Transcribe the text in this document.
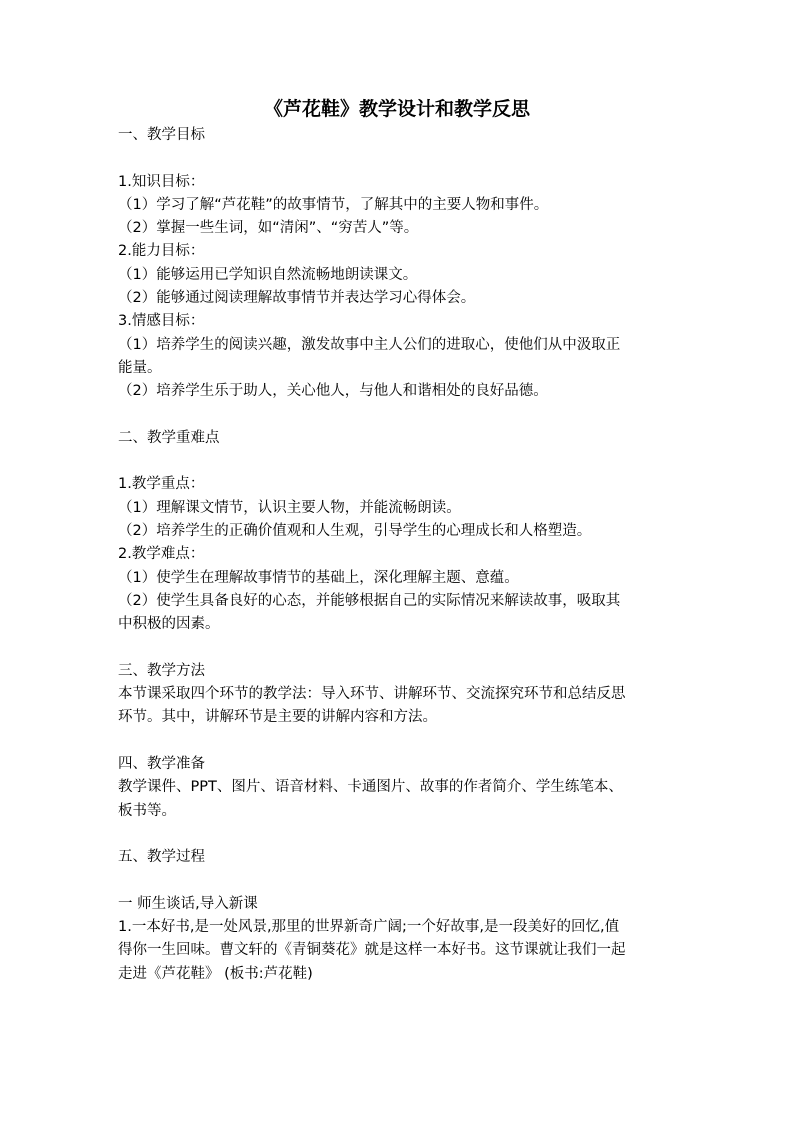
《芦花鞋》教学设计和教学反思
一、教学目标
1.知识目标：
（1）学习了解“芦花鞋”的故事情节，了解其中的主要人物和事件。
（2）掌握一些生词，如“清闲”、“穷苦人”等。
2.能力目标：
（1）能够运用已学知识自然流畅地朗读课文。
（2）能够通过阅读理解故事情节并表达学习心得体会。
3.情感目标：
（1）培养学生的阅读兴趣，激发故事中主人公们的进取心，使他们从中汲取正
能量。
（2）培养学生乐于助人，关心他人，与他人和谐相处的良好品德。
二、教学重难点
1.教学重点：
（1）理解课文情节，认识主要人物，并能流畅朗读。
（2）培养学生的正确价值观和人生观，引导学生的心理成长和人格塑造。
2.教学难点：
（1）使学生在理解故事情节的基础上，深化理解主题、意蕴。
（2）使学生具备良好的心态，并能够根据自己的实际情况来解读故事，吸取其
中积极的因素。
三、教学方法
本节课采取四个环节的教学法：导入环节、讲解环节、交流探究环节和总结反思
环节。其中，讲解环节是主要的讲解内容和方法。
四、教学准备
教学课件、PPT、图片、语音材料、卡通图片、故事的作者简介、学生练笔本、
板书等。
五、教学过程
一 师生谈话,导入新课
1.一本好书,是一处风景,那里的世界新奇广阔;一个好故事,是一段美好的回忆,值
得你一生回味。曹文轩的《青铜葵花》就是这样一本好书。这节课就让我们一起
走进《芦花鞋》 (板书:芦花鞋)
